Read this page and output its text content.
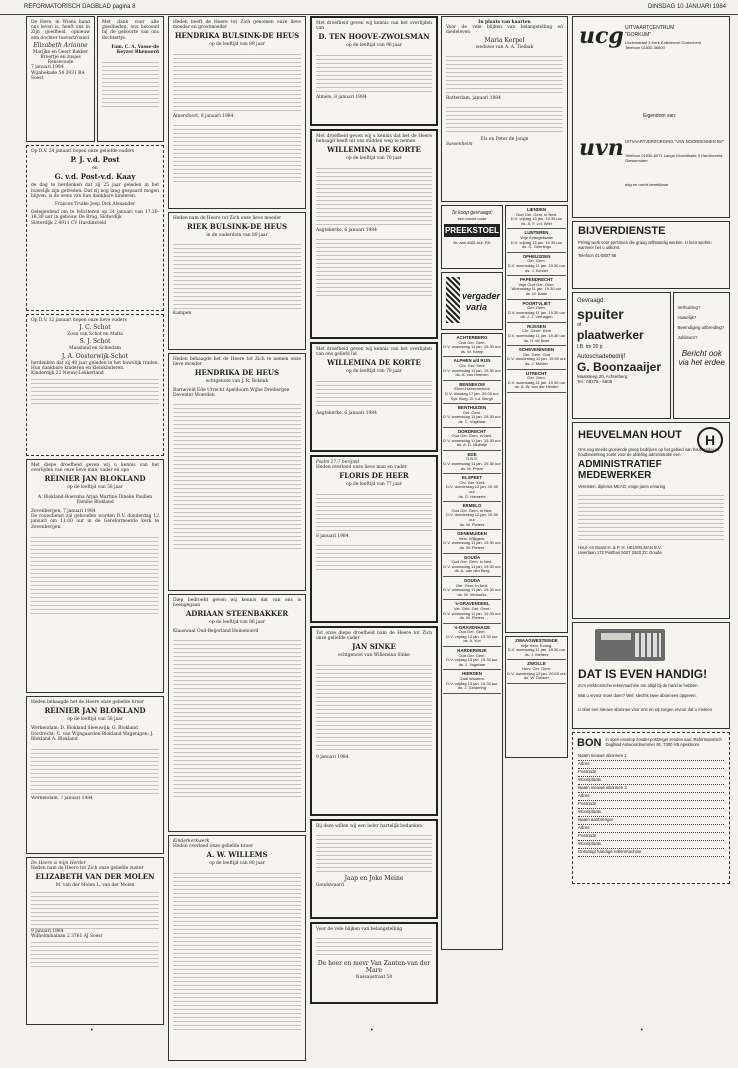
REFORMATORISCH DAGBLAD pagina 8	DINSDAG 10 JANUARI 1984
De Here, in Wiens hand ons leven is, heeft ons in Zijn goedheid opnieuw een dochter toevertrouwd
Elizabeth Arianne
Marijke en Geert Bakker
Broertje en zusjes
Renswoude
7 januari 1984
Wijnbekade 54 3931 RA Soest
Met dank voor alle goedheden, ons betoond bij de geboorte van ons dochtertje.
Fam. C. A. Vasse-de Keyzer Rhenoord
Op D.V. 24 januari hopen onze geliefde ouders
P. J. v.d. Post
en
G. v.d. Post-v.d. Kaay
de dag te herdenken dat zij 25 jaar geleden in het huwelijk zijn getreden. Dat zij nog lang gespaard mogen blijven, is de wens van hun dankbare kinderen.
Frances Truike Joep Dirk Alexander
Gelegenheid om te feliciteren op 24 januari van 17.30-18.30 uur in gebouw De Brug, Sloterdijk
Sloterdijk 2 4911 CV Hardinxveld
Op D.V. 12 januari hopen onze lieve ouders
J. C. Schot
Zoon van Schot en Malta
S. J. Schot
Maasland en Schiedam
J. A. Oosterwijk-Schot
herdenken dat zij 40 jaar geleden in het huwelijk traden. Hun dankbare kinderen en kleinkinderen.
Kinderdijk 22 Nieuw-Lekkerland
Met diepe droefheid geven wij u kennis van het overlijden van onze lieve man, vader en opa
REINIER JAN BLOKLAND
op de leeftijd van 58 jaar
A. Blokland-Boersma Arjan Martine Dineke Paulien Familie Blokland
Zevenbergen, 7 januari 1984
De rouwdienst zal gehouden worden D.V. donderdag 12 januari om 11.00 uur in de Gereformeerde kerk te Zevenbergen.
Heden behaagde het de Heere onze geliefde broer
REINIER JAN BLOKLAND
op de leeftijd van 58 jaar
Werkendam: D. Blokland Sleeuwijk: G. Blokland Dordrecht: C. van Wijngaarden-Blokland Wagenigen: J. Blokland A. Blokland
Werkendam, 7 januari 1984
De Heere is mijn Herder
Heden nam de Heere tot Zich onze geliefde zuster
ELIZABETH VAN DER MOLEN
M. van der Molen L. van der Molen
9 januari 1984
Wilhelminalaan 2 3761 AJ Soest
Heden heeft de Heere tot Zich genomen onze lieve moeder en grootmoeder
HENDRIKA BULSINK-DE HEUS
op de leeftijd van 89 jaar
Amersfoort, 8 januari 1984
Heden nam de Heere tot Zich onze lieve moeder
RIEK BULSINK-DE HEUS
in de ouderdom van 89 jaar
Kampen
Heden behaagde het de Heere tot Zich te nemen onze lieve moeder
HENDRIKA DE HEUS
echtgenote van J. R. Bolsink
Barneveld Ede Utrecht Apeldoorn Wijhe Driebergen Deventer Woerden
Diep bedroefd geven wij kennis dat van ons is heengegaan
ADRIAAN STEENBAKKER
op de leeftijd van 86 jaar
Klaaswaal Oud-Beijerland Heinenoord
Kinderkerkwerk
Heden overleed onze geliefde broer
A. W. WILLEMS
op de leeftijd van 80 jaar
Met droefheid geven wij kennis van het overlijden van
D. TEN HOOVE-ZWOLSMAN
op de leeftijd van 96 jaar
Almelo, 8 januari 1984
Met droefheid geven wij u kennis dat het de Heere behaagd heeft uit ons midden weg te nemen
WILLEMINA DE KORTE
op de leeftijd van 70 jaar
Aagtekerke, 6 januari 1984
Met droefheid geven wij kennis van het overlijden van ons geliefd lid
WILLEMINA DE KORTE
op de leeftijd van 70 jaar
Aagtekerke, 6 januari 1984
Psalm 27:7 berijmd
Heden overleed onze lieve man en vader
FLORIS DE HEER
op de leeftijd van 77 jaar
8 januari 1984
Tot onze diepe droefheid nam de Heere tot Zich onze geliefde vader
JAN SINKE
echtgenoot van Willemina Sinke
9 januari 1984
Bij deze willen wij een ieder hartelijk bedanken
Jaap en Joke Meine
Goudswaard
Voor de vele blijken van belangstelling
De heer en mevr Van Zanten-van der Mare
Nassaustraat 50
In plaats van kaarten
Voor de vele blijken van belangstelling en medeleven
Maria Kerpel
weduwe van A. A. Tielbak
Rotterdam, januari 1984
Els en Peter de Jonge
Sassenheim
Te koop gevraagd:
een mooie oude
PREEKSTOEL
Br. aan 4681 bur. RD
vergader
varia
ACHTERBERG

Oud Ger. Gem.
D.V. woensdag 11 jan. 19.30 uur
ds. W. Kamp
ALPHEN a/d RIJN

Chr. Ger. Kerk
D.V. woensdag 11 jan. 19.30 uur
ds. A. van Heteren
BENNEKOM

Eben-Haezerschool
D.V. dinsdag 17 jan. 20.00 uur
Spr. Burg. G. v.d. Bergh
BENTHUIZEN

Ger. Gem.
D.V. woensdag 11 jan. 19.30 uur
ds. C. Vogelaar
DORDRECHT

Oud Ger. Gem. in Ned.
D.V. woensdag 11 jan. 19.30 uur
ds. A. D. Muilwijk
EDE

G.B.S.
D.V. woensdag 11 jan. 19.30 uur
ds. M. Priem
ELSPEET

Chr. Ger. Kerk
D.V. donderdag 12 jan. 19.30 uur
ds. G. Hamerts
ERMELO

Oud Ger. Gem. in Ned.
D.V. donderdag 12 jan. 19.30 uur
ds. W. Pieters
GENEMUIDEN

Herv. Wijkgem.
D.V. woensdag 11 jan. 19.30 uur
ds. W. Pieters
GOUDA

Oud Ger. Gem. in Ned.
D.V. woensdag 11 jan. 19.30 uur
ds. A. van den Berg
GOUDA

Ger. Gem. in Ned.
D.V. woensdag 11 jan. 19.30 uur
ds. W. Verhoeks
's-GRAVENDEEL

Ver. Geb. Ger. Gem.
D.V. woensdag 11 jan. 19.30 uur
ds. W. Pieters
's-GRAVENHAGE

Oud Ger. Gem.
D.V. vrijdag 13 jan. 19.30 uur
ds. A. Kot
HARDERWIJK

Oud Ger. Gem.
D.V. vrijdag 13 jan. 19.30 uur
ds. J. Vogelaar
HIERDEN

Zaal Wouters
D.V. vrijdag 13 jan. 19.30 uur
ds. J. Geldering
LIENDEN

Oud Ger. Gem. in Ned.
D.V. vrijdag 13 jan. 19.30 uur
ds. A. F. v.d. Wiel
LUNTEREN

Vrije Evangelisatie
D.V. vrijdag 13 jan. 19.30 uur
ds. G. Geerlings
OPHEUSDEN

Ger. Gem.
D.V. woensdag 11 jan. 19.30 uur
ds. J. Kieviet
PAPENDRECHT

Vrije Oud Ger. Gem.
Woensdag 11 jan. 19.30 uur
ds. M. Baan
POORTVLIET

Ger. Gem.
D.V. woensdag 11 jan. 19.30 uur
ds. J. J. Verhagen
RIJSSEN

Chr. Geref. Kerk
D.V. woensdag 11 jan. 19.30 uur
ds. H. de Boer
SCHEVENINGEN

Ger. Gem. Oud
D.V. donderdag 12 jan. 19.30 uur
ds. J. Mulder
UTRECHT

Ger. Gem.
D.V. woensdag 11 jan. 19.30 uur
ds. A. W. van der Heiden
ZWAAGWESTEINDE

Vrije Herv. Evang.
D.V. woensdag 11 jan. 19.30 uur
ds. J. Melters
ZWOLLE

Herv. Ger. Gem.
D.V. donderdag 12 jan. 20.00 uur
ds. W. Dekker
ucg UITVAARTCENTRUM
"GORKUM"
Lindenstraat 3 Kerk Kalkheuvel Gorinchem Telefoon 01830-36600
Eigendom van:
uvn UITVAARTVERZORGING "VAN NOORDENNEN BV"
Telefoon 01830-6071 Lange Grachtkade 5 Hardinxveld-Giessendam
dag en nacht bereikbaar
BIJVERDIENSTE
Prettig werk voor personen die graag zelfstandig werken. U kunt werken wanneer het u uitkomt.
Telefoon 01-0807 88
Gevraagd:
spuiter
of
plaatwerker
LB. tm 20 jr.
Autoschadebedrijf
G. Boonzaaijer
Maatsteeg 20, Achterberg
Tel.: 08376 - 6605
Verhuizing?
Huwelijk?
Beeindiging uitbreiding?
Jubileum?
Bericht ook via het erdee
HEUVELMAN HOUT	H
Ons nog steeds groeiende groep bedrijven op het gebied van houthandel en houtbewerking zoekt voor de afdeling administratie een
ADMINISTRATIEF
MEDEWERKER
Vereisten: diploma MEAO, enige jaren ervaring
Hout- en Board H. & P. H. HEUVELMAN B.V. Uiverlaan 172 Postbus 5007 2920 ZC Gouda
DAT IS EVEN HANDIG!
Zo'n elektronische rekenmachine om altijd bij de hand te hebben
Wat u ervoor moet doen? Wel: slechts twee abonnees opgeven.
U doet een nieuwe abonnee voor ons en wij zorgen ervoor dat u meteen
BON in open envelop zonder postzegel zenden aan: Reformatorisch Dagblad Antwoordnummer 92, 7300 VB Apeldoorn
Naam nieuwe abonnee 1
Adres
Postcode
Woonplaats
Naam nieuwe abonnee 2
Adres
Postcode
Woonplaats
Naam aanbrenger
Adres
Postcode
Woonplaats
Ontvangt handige rekenmachine
•	•	•
